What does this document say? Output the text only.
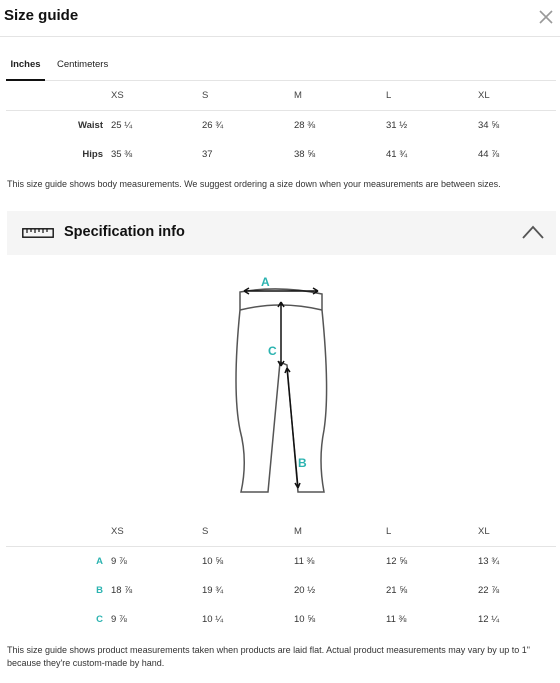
Size guide
Inches	Centimeters
	XS	S	M	L	XL
Waist	25 ¼	26 ¾	28 ⅜	31 ½	34 ⅝
Hips	35 ⅜	37	38 ⅝	41 ¾	44 ⅞
This size guide shows body measurements. We suggest ordering a size down when your measurements are between sizes.
Specification info
A
B
C
	XS	S	M	L	XL
A	9 ⅞	10 ⅝	11 ⅜	12 ⅝	13 ¾
B	18 ⅞	19 ¾	20 ½	21 ⅝	22 ⅞
C	9 ⅞	10 ¼	10 ⅝	11 ⅜	12 ¼
This size guide shows product measurements taken when products are laid flat. Actual product measurements may vary by up to 1" because they're custom-made by hand.
